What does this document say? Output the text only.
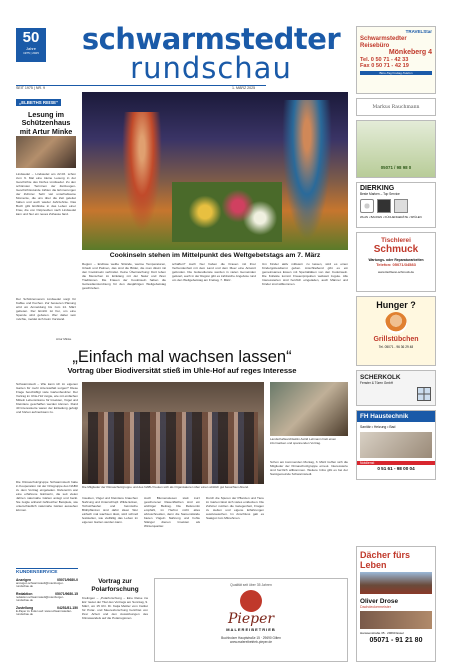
50
Jahre
1975 | 2025	schwarmstedter
rundschau
SEIT 1975 | NR. 9	1. MÄRZ 2025
„ELBETHS REISE“
Lesung im Schützenhaus mit Artur Minke
Lindwedel – Lindwedel am 22.03. schon zum 9. Mal eine kleine Lesung in der Geschichte des Dorfes Lindwedel. Zu den schönsten Terminen der Zeitzeugen-Geschichtsstunde zählen die Erinnerungen der Zuhörer. Sehr viel unterhaltsame Momente, die uns über die Zeit geleitet haben und auch wieder Jahrzehnte. Das Buch gibt Einblicke in das Leben einer Frau, die von Ostpreußen nach Lindwedel kam und hier ein neues Zuhause fand.
Der Schützenverein Lindwedel sorgt für Kaffee und Kuchen. Zur besseren Planung wird um Anmeldung bis zum 14. März gebeten. Der Eintritt ist frei, um eine Spende wird gebeten. Wer dabei sein möchte, meldet sich beim Vorstand.
Artur Minke
Cookinseln stehen im Mittelpunkt des Weltgebetstags am 7. März
Region – Endlose weiße Strände, warme Temperaturen, Urlaub und Palmen, das sind die Bilder, die man direkt mit den Cookinseln verbindet. Keine Überraschung: Dort leben die Menschen im Einklang mit der Natur und ihren Traditionen. Die Frauen der Cookinseln haben die Gottesdienstordnung für den diesjährigen Weltgebetstag geschrieben.
schaffen? Auch hier haben die Frauen mit ihrer Verbundenheit mit dem Land und dem Meer eine Antwort gefunden. Die Gottesdienste werden in vielen Gemeinden gefeiert, auch in der Region gibt es zahlreiche Angebote rund um den Weltgebetstag am Freitag, 7. März.
Um Kinder aktiv mitfeiern zu lassen, wird es einen Kindergottesdienst geben. Anschließend gibt es ein gemeinsames Essen mit Spezialitäten von den Cookinseln. Die Kollekte kommt Frauenprojekten weltweit zugute. Alle Interessierten sind herzlich eingeladen, auch Männer und Kinder sind willkommen.
„Einfach mal wachsen lassen“
Vortrag über Biodiversität stieß im Uhle-Hof auf reges Interesse
Schwarmstedt – Wie kann ich im eigenen Garten für mehr Artenvielfalt sorgen? Diese Frage beschäftigt viele Gartenbesitzer. Der Vortrag im Uhle-Hof zeigte, wie mit einfachen Mitteln Lebensräume für Insekten, Vögel und Kleintiere geschaffen werden können. Rund 40 Interessierte waren der Einladung gefolgt und hörten aufmerksam zu.
Die Klimaschutzgruppe Schwarmstedt hatte in Kooperation mit der Ortsgruppe des NABU zu dem Vortrag eingeladen. Referentin war eine erfahrene Gärtnerin, die seit vielen Jahren naturnahe Gärten anlegt und berät. Sie zeigte anhand zahlreicher Beispiele, wie unterschiedlich naturnahe Gärten aussehen können.
Die Mitglieder der Klimaschutzgruppe und des NABU freuten sich als Organisatoren über einen wirklich gut besuchten Abend.
Insekten, Vögel und Kleintiere brauchen Nahrung und Unterschlupf. Wilde Ecken, Totholzhaufen und heimische Blühpflanzen sind dafür ideal. Wer einfach mal wachsen lässt, wird schnell feststellen, wie vielfältig das Leben im eigenen Garten werden kann.
Auch Blumenwiesen statt kurz geschorener Rasenflächen sind ein wichtiger Beitrag. Die Referentin empfahl, im Herbst nicht alles abzuschneiden, denn die Samenstände bieten Vögeln Nahrung und hohle Stängel dienen Insekten als Winterquartier.
Durch die Spuren der Pflanzen und Tiere im Garten lässt sich vieles entdecken. Die Zuhörer nutzten die Gelegenheit, Fragen zu stellen und eigene Erfahrungen auszutauschen. Im Anschluss gab es Saatgut zum Mitnehmen.
Landschaftsarchitektin Astrid Lehmann hielt einen informativen und spannenden Vortrag.
Schon am kommenden Montag, 3. März treffen sich die Mitglieder der Klimaschutzgruppe erneut. Interessierte sind herzlich willkommen. Weitere Infos gibt es bei der Samtgemeinde Schwarmstedt.
KUNDENSERVICE
Anzeigen	05071/9680-0
anzeigen.schwarmstedt@rotenburger-rundschau.de
Redaktion	05071/9680-15
redaktion.schwarmstedt@rotenburger-rundschau.de
Zustellung	04251/81-150
E-Paper zu finden auf: www.schwarmstedter-rundschau.de
Vortrag zur Polarforschung
Krelingen – „Polarforschung – Eine Reise ins Eis“ lautet der Titel des Vortrags am Sonntag, 9. März, um 15 Uhr. Dr. Katja Mettler vom Institut für Polar- und Meeresforschung berichtet von ihrer Arbeit und den Auswirkungen des Klimawandels auf die Polarregionen.
Qualität seit über 35 Jahren
Pieper
MALEREIBETRIEB
Buchholzer Hauptstraße 15 · 29690 Gilten
www.malereibetrieb-pieper.de
TRAVELStar
Schwarmstedter Reisebüro
Mönkeberg 4
Tel. 0 50 71 - 42 33
Fax 0 50 71 - 42 19
Büro-Tag Freitag-Telefon
Markus Rauchmann
05071 / 98 98 0
DIERKING
Beste Marken – Top Service
WLAN • BACKEN • KÜCHENGERÄTE • SPÜLEN
Tischlerei
Schmuck
Wartungs- oder Reparaturarbeiten
Telefon: 05071/34583
www.tischlerei-schmuck.de
Hunger ?
Grillstübchen
Tel. 05071 - 96 36 29 48
SCHERKOLK
Fenster & Türen GmbH
FH Haustechnik
Sanitär • Heizung • Bad
Notdienst
0 51 61 - 98 00 04
Dächer fürs
Leben
Oliver Drose
Dachdeckermeister
Hanssenstraße 35 · 29690 Essel
05071 - 91 21 80
